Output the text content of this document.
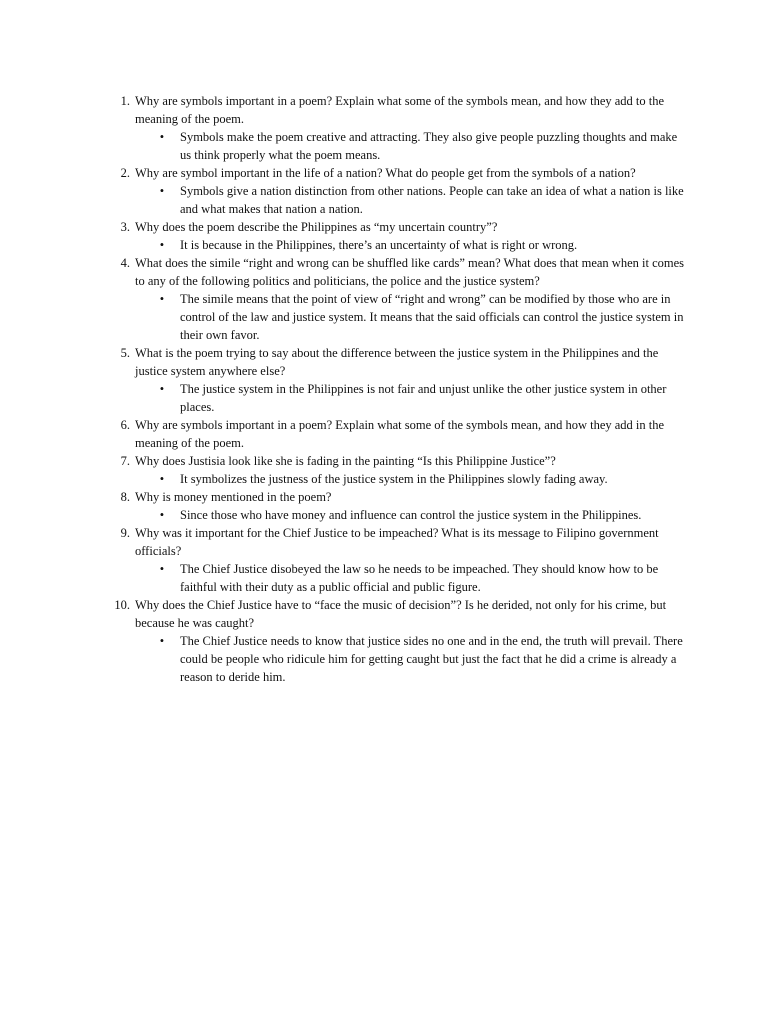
1. Why are symbols important in a poem? Explain what some of the symbols mean, and how they add to the meaning of the poem.
• Symbols make the poem creative and attracting. They also give people puzzling thoughts and make us think properly what the poem means.
2. Why are symbol important in the life of a nation? What do people get from the symbols of a nation?
• Symbols give a nation distinction from other nations. People can take an idea of what a nation is like and what makes that nation a nation.
3. Why does the poem describe the Philippines as “my uncertain country”?
• It is because in the Philippines, there’s an uncertainty of what is right or wrong.
4. What does the simile “right and wrong can be shuffled like cards” mean? What does that mean when it comes to any of the following politics and politicians, the police and the justice system?
• The simile means that the point of view of “right and wrong” can be modified by those who are in control of the law and justice system. It means that the said officials can control the justice system in their own favor.
5. What is the poem trying to say about the difference between the justice system in the Philippines and the justice system anywhere else?
• The justice system in the Philippines is not fair and unjust unlike the other justice system in other places.
6. Why are symbols important in a poem? Explain what some of the symbols mean, and how they add in the meaning of the poem.
7. Why does Justisia look like she is fading in the painting “Is this Philippine Justice”?
• It symbolizes the justness of the justice system in the Philippines slowly fading away.
8. Why is money mentioned in the poem?
• Since those who have money and influence can control the justice system in the Philippines.
9. Why was it important for the Chief Justice to be impeached? What is its message to Filipino government officials?
• The Chief Justice disobeyed the law so he needs to be impeached. They should know how to be faithful with their duty as a public official and public figure.
10. Why does the Chief Justice have to “face the music of decision”? Is he derided, not only for his crime, but because he was caught?
• The Chief Justice needs to know that justice sides no one and in the end, the truth will prevail. There could be people who ridicule him for getting caught but just the fact that he did a crime is already a reason to deride him.
